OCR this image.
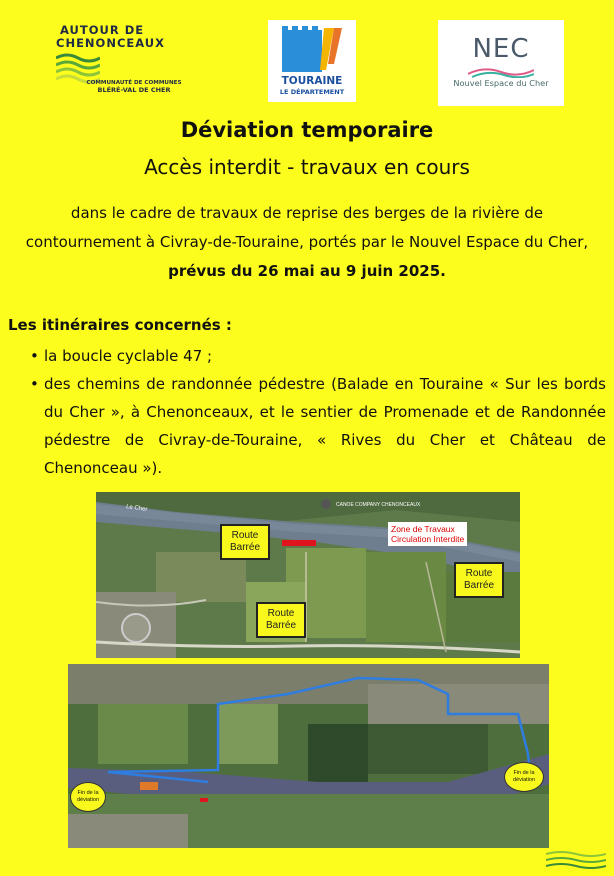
AUTOUR DE
CHENONCEAUX
COMMUNAUTÉ DE COMMUNES
BLÉRÉ-VAL DE CHER
TOURAINE
LE DÉPARTEMENT
NEC
Nouvel Espace du Cher
Déviation temporaire
Accès interdit - travaux en cours
dans le cadre de travaux de reprise des berges de la rivière de
contournement à Civray-de-Touraine, portés par le Nouvel Espace du Cher,
prévus du 26 mai au 9 juin 2025.
Les itinéraires concernés :
• la boucle cyclable 47 ;
• des chemins de randonnée pédestre (Balade en Touraine « Sur les bords du Cher », à Chenonceaux, et le sentier de Promenade et de Randonnée pédestre de Civray-de-Touraine, « Rives du Cher et Château de Chenonceau »).
CANOE COMPANY CHENONCEAUX
Le Cher
Zone de Travaux
Circulation Interdite
Route
Barrée
Route
Barrée
Route
Barrée
Fin de la
déviation
Fin de la
déviation
